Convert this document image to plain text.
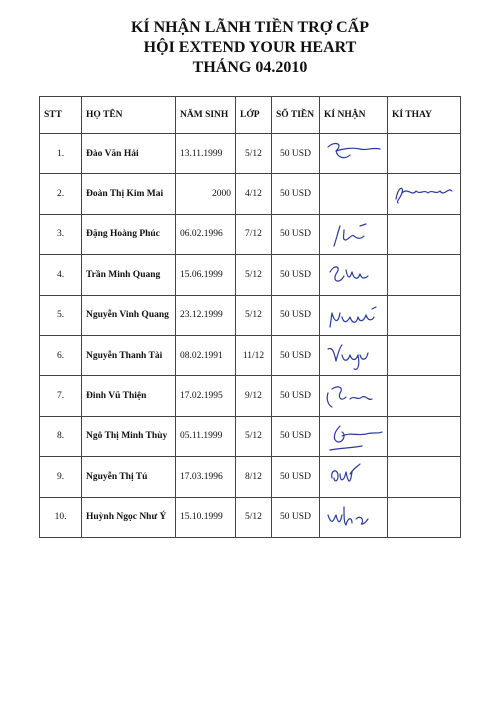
KÍ NHẬN LÃNH TIỀN TRỢ CẤP
HỘI EXTEND YOUR HEART
THÁNG 04.2010
STT	HỌ TÊN	NĂM SINH	LỚP	SỐ TIỀN	KÍ NHẬN	KÍ THAY
1.	Đào Văn Hải	13.11.1999	5/12	50 USD	

2.	Đoàn Thị Kim Mai	2000	4/12	50 USD		

3.	Đặng Hoàng Phúc	06.02.1996	7/12	50 USD	

4.	Trần Minh Quang	15.06.1999	5/12	50 USD	

5.	Nguyễn Vinh Quang	23.12.1999	5/12	50 USD	

6.	Nguyễn Thanh Tài	08.02.1991	11/12	50 USD	

7.	Đinh Vũ Thiện	17.02.1995	9/12	50 USD	

8.	Ngô Thị Minh Thùy	05.11.1999	5/12	50 USD	

9.	Nguyễn Thị Tú	17.03.1996	8/12	50 USD	

10.	Huỳnh Ngọc Như Ý	15.10.1999	5/12	50 USD	
